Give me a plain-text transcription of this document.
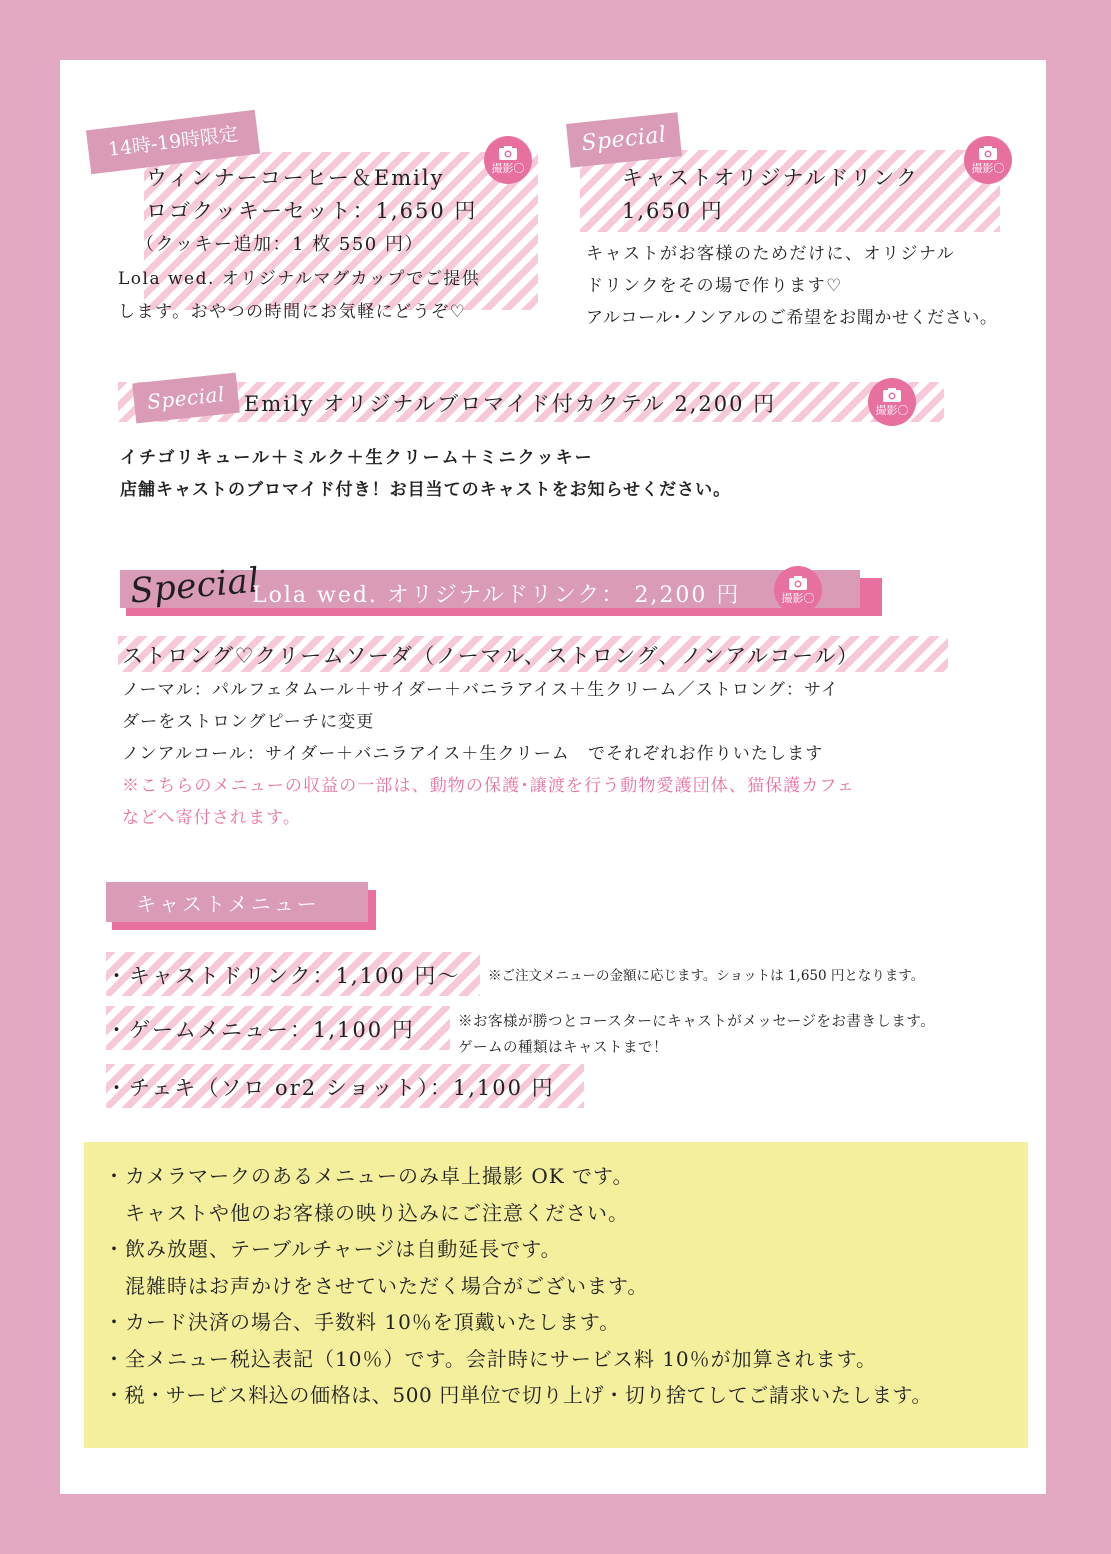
14時-19時限定
撮影〇
ウィンナーコーヒー＆Emily
ロゴクッキーセット：1,650 円
（クッキー追加：1 枚 550 円）
Lola wed. オリジナルマグカップでご提供
します。おやつの時間にお気軽にどうぞ♡
Special
撮影〇
キャストオリジナルドリンク
1,650 円
キャストがお客様のためだけに、オリジナル
ドリンクをその場で作ります♡
アルコール･ノンアルのご希望をお聞かせください。
Special Emily オリジナルブロマイド付カクテル 2,200 円	撮影〇
イチゴリキュール＋ミルク＋生クリーム＋ミニクッキー
店舗キャストのブロマイド付き！お目当てのキャストをお知らせください。
Special
Lola wed. オリジナルドリンク： 2,200 円	撮影〇
ストロング♡クリームソーダ（ノーマル、ストロング、ノンアルコール）
ノーマル：パルフェタムール＋サイダー＋バニラアイス＋生クリーム／ストロング：サイ
ダーをストロングピーチに変更
ノンアルコール：サイダー＋バニラアイス＋生クリーム　でそれぞれお作りいたします
※こちらのメニューの収益の一部は、動物の保護･譲渡を行う動物愛護団体、猫保護カフェ
などへ寄付されます。
キャストメニュー
・キャストドリンク：1,100 円〜 ※ご注文メニューの金額に応じます。ショットは 1,650 円となります。
・ゲームメニュー：1,100 円	※お客様が勝つとコースターにキャストがメッセージをお書きします。
ゲームの種類はキャストまで！
・チェキ（ソロ or2 ショット）：1,100 円
・カメラマークのあるメニューのみ卓上撮影 OK です。
　キャストや他のお客様の映り込みにご注意ください。
・飲み放題、テーブルチャージは自動延長です。
　混雑時はお声かけをさせていただく場合がございます。
・カード決済の場合、手数料 10％を頂戴いたします。
・全メニュー税込表記（10％）です。会計時にサービス料 10％が加算されます。
・税・サービス料込の価格は、500 円単位で切り上げ・切り捨てしてご請求いたします。
